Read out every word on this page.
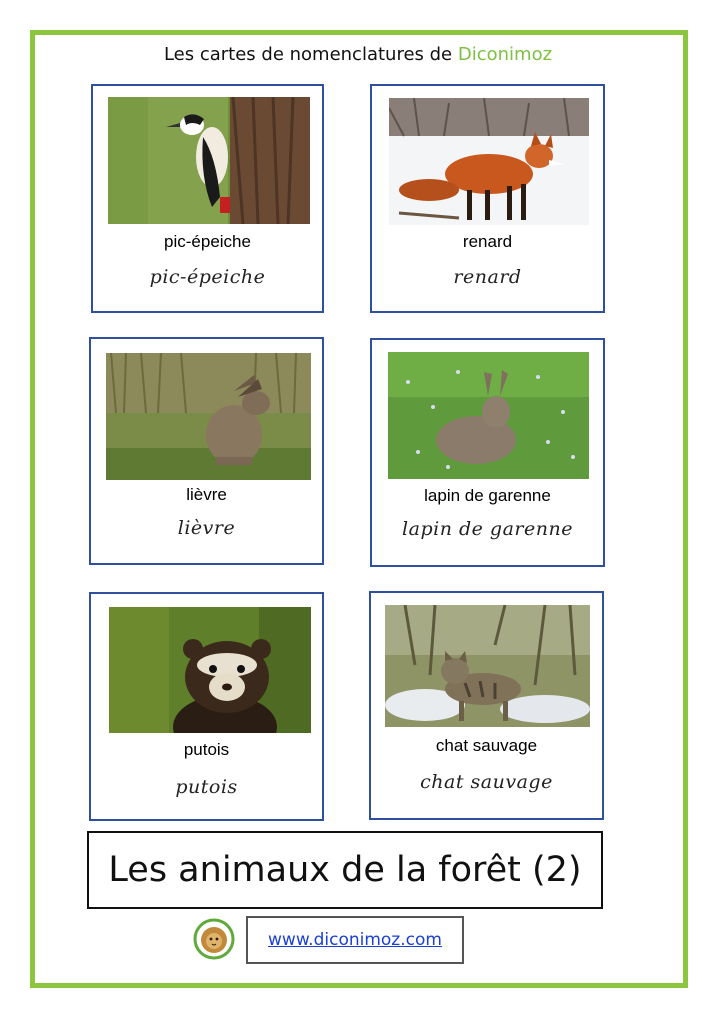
Les cartes de nomenclatures de Diconimoz
pic-épeiche
pic-épeiche
renard
renard
lièvre
lièvre
lapin de garenne
lapin de garenne
putois
putois
chat sauvage
chat sauvage
Les animaux de la forêt (2)
www.diconimoz.com
